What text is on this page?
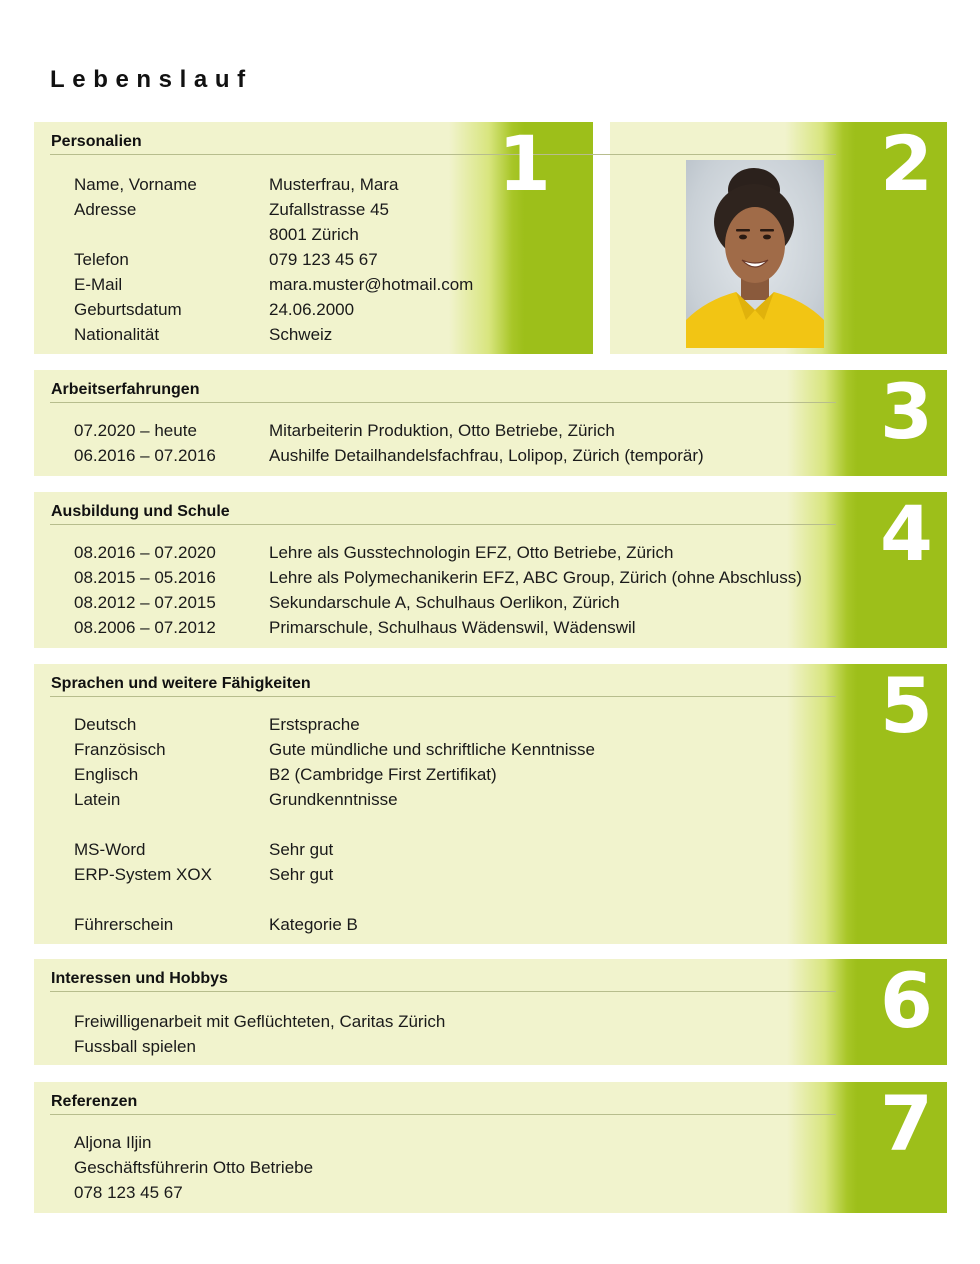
Lebenslauf
Personalien	1
Name, Vorname	Musterfrau, Mara
Adresse	Zufallstrasse 45
8001 Zürich
Telefon	079 123 45 67
E-Mail	mara.muster@hotmail.com
Geburtsdatum	24.06.2000
Nationalität	Schweiz
2
Arbeitserfahrungen	3
07.2020 – heute	Mitarbeiterin Produktion, Otto Betriebe, Zürich
06.2016 – 07.2016	Aushilfe Detailhandelsfachfrau, Lolipop, Zürich (temporär)
Ausbildung und Schule	4
08.2016 – 07.2020	Lehre als Gusstechnologin EFZ, Otto Betriebe, Zürich
08.2015 – 05.2016	Lehre als Polymechanikerin EFZ, ABC Group, Zürich (ohne Abschluss)
08.2012 – 07.2015	Sekundarschule A, Schulhaus Oerlikon, Zürich
08.2006 – 07.2012	Primarschule, Schulhaus Wädenswil, Wädenswil
Sprachen und weitere Fähigkeiten	5
Deutsch	Erstsprache
Französisch	Gute mündliche und schriftliche Kenntnisse
Englisch	B2 (Cambridge First Zertifikat)
Latein	Grundkenntnisse
MS-Word	Sehr gut
ERP-System XOX	Sehr gut
Führerschein	Kategorie B
Interessen und Hobbys	6
Freiwilligenarbeit mit Geflüchteten, Caritas Zürich
Fussball spielen
Referenzen	7
Aljona Iljin
Geschäftsführerin Otto Betriebe
078 123 45 67
